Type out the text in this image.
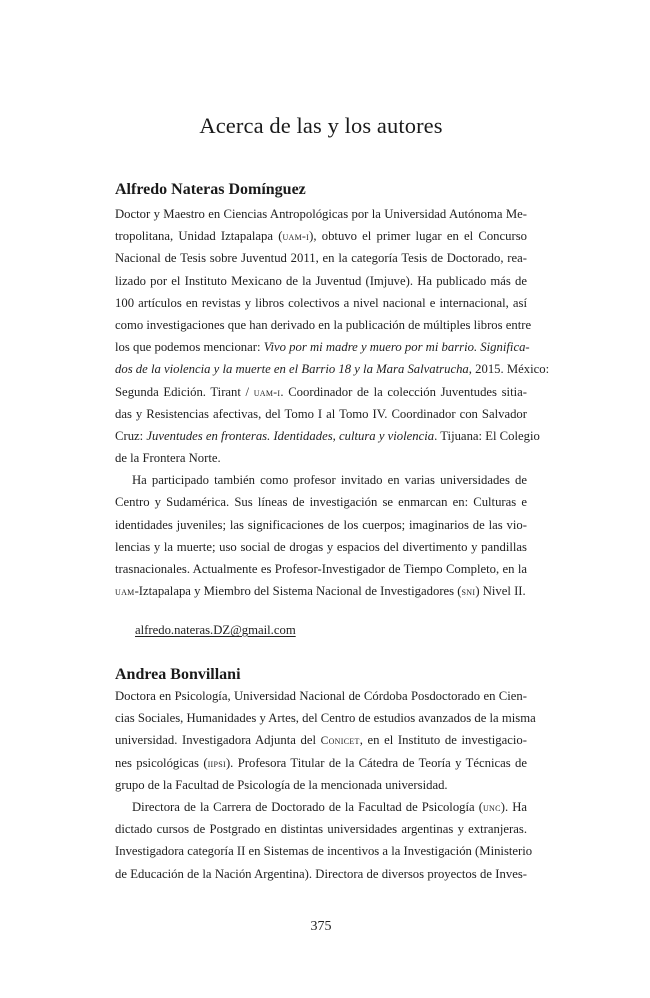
Acerca de las y los autores
Alfredo Nateras Domínguez
Doctor y Maestro en Ciencias Antropológicas por la Universidad Autónoma Me-
tropolitana, Unidad Iztapalapa (uam-i), obtuvo el primer lugar en el Concurso
Nacional de Tesis sobre Juventud 2011, en la categoría Tesis de Doctorado, rea-
lizado por el Instituto Mexicano de la Juventud (Imjuve). Ha publicado más de
100 artículos en revistas y libros colectivos a nivel nacional e internacional, así
como investigaciones que han derivado en la publicación de múltiples libros entre
los que podemos mencionar: Vivo por mi madre y muero por mi barrio. Significa-
dos de la violencia y la muerte en el Barrio 18 y la Mara Salvatrucha, 2015. México:
Segunda Edición. Tirant / uam-i. Coordinador de la colección Juventudes sitia-
das y Resistencias afectivas, del Tomo I al Tomo IV. Coordinador con Salvador
Cruz: Juventudes en fronteras. Identidades, cultura y violencia. Tijuana: El Colegio
de la Frontera Norte.
Ha participado también como profesor invitado en varias universidades de
Centro y Sudamérica. Sus líneas de investigación se enmarcan en: Culturas e
identidades juveniles; las significaciones de los cuerpos; imaginarios de las vio-
lencias y la muerte; uso social de drogas y espacios del divertimento y pandillas
trasnacionales. Actualmente es Profesor-Investigador de Tiempo Completo, en la
uam-Iztapalapa y Miembro del Sistema Nacional de Investigadores (sni) Nivel II.
alfredo.nateras.DZ@gmail.com
Andrea Bonvillani
Doctora en Psicología, Universidad Nacional de Córdoba Posdoctorado en Cien-
cias Sociales, Humanidades y Artes, del Centro de estudios avanzados de la misma
universidad. Investigadora Adjunta del Conicet, en el Instituto de investigacio-
nes psicológicas (iipsi). Profesora Titular de la Cátedra de Teoría y Técnicas de
grupo de la Facultad de Psicología de la mencionada universidad.
Directora de la Carrera de Doctorado de la Facultad de Psicología (unc). Ha
dictado cursos de Postgrado en distintas universidades argentinas y extranjeras.
Investigadora categoría II en Sistemas de incentivos a la Investigación (Ministerio
de Educación de la Nación Argentina). Directora de diversos proyectos de Inves-
375
